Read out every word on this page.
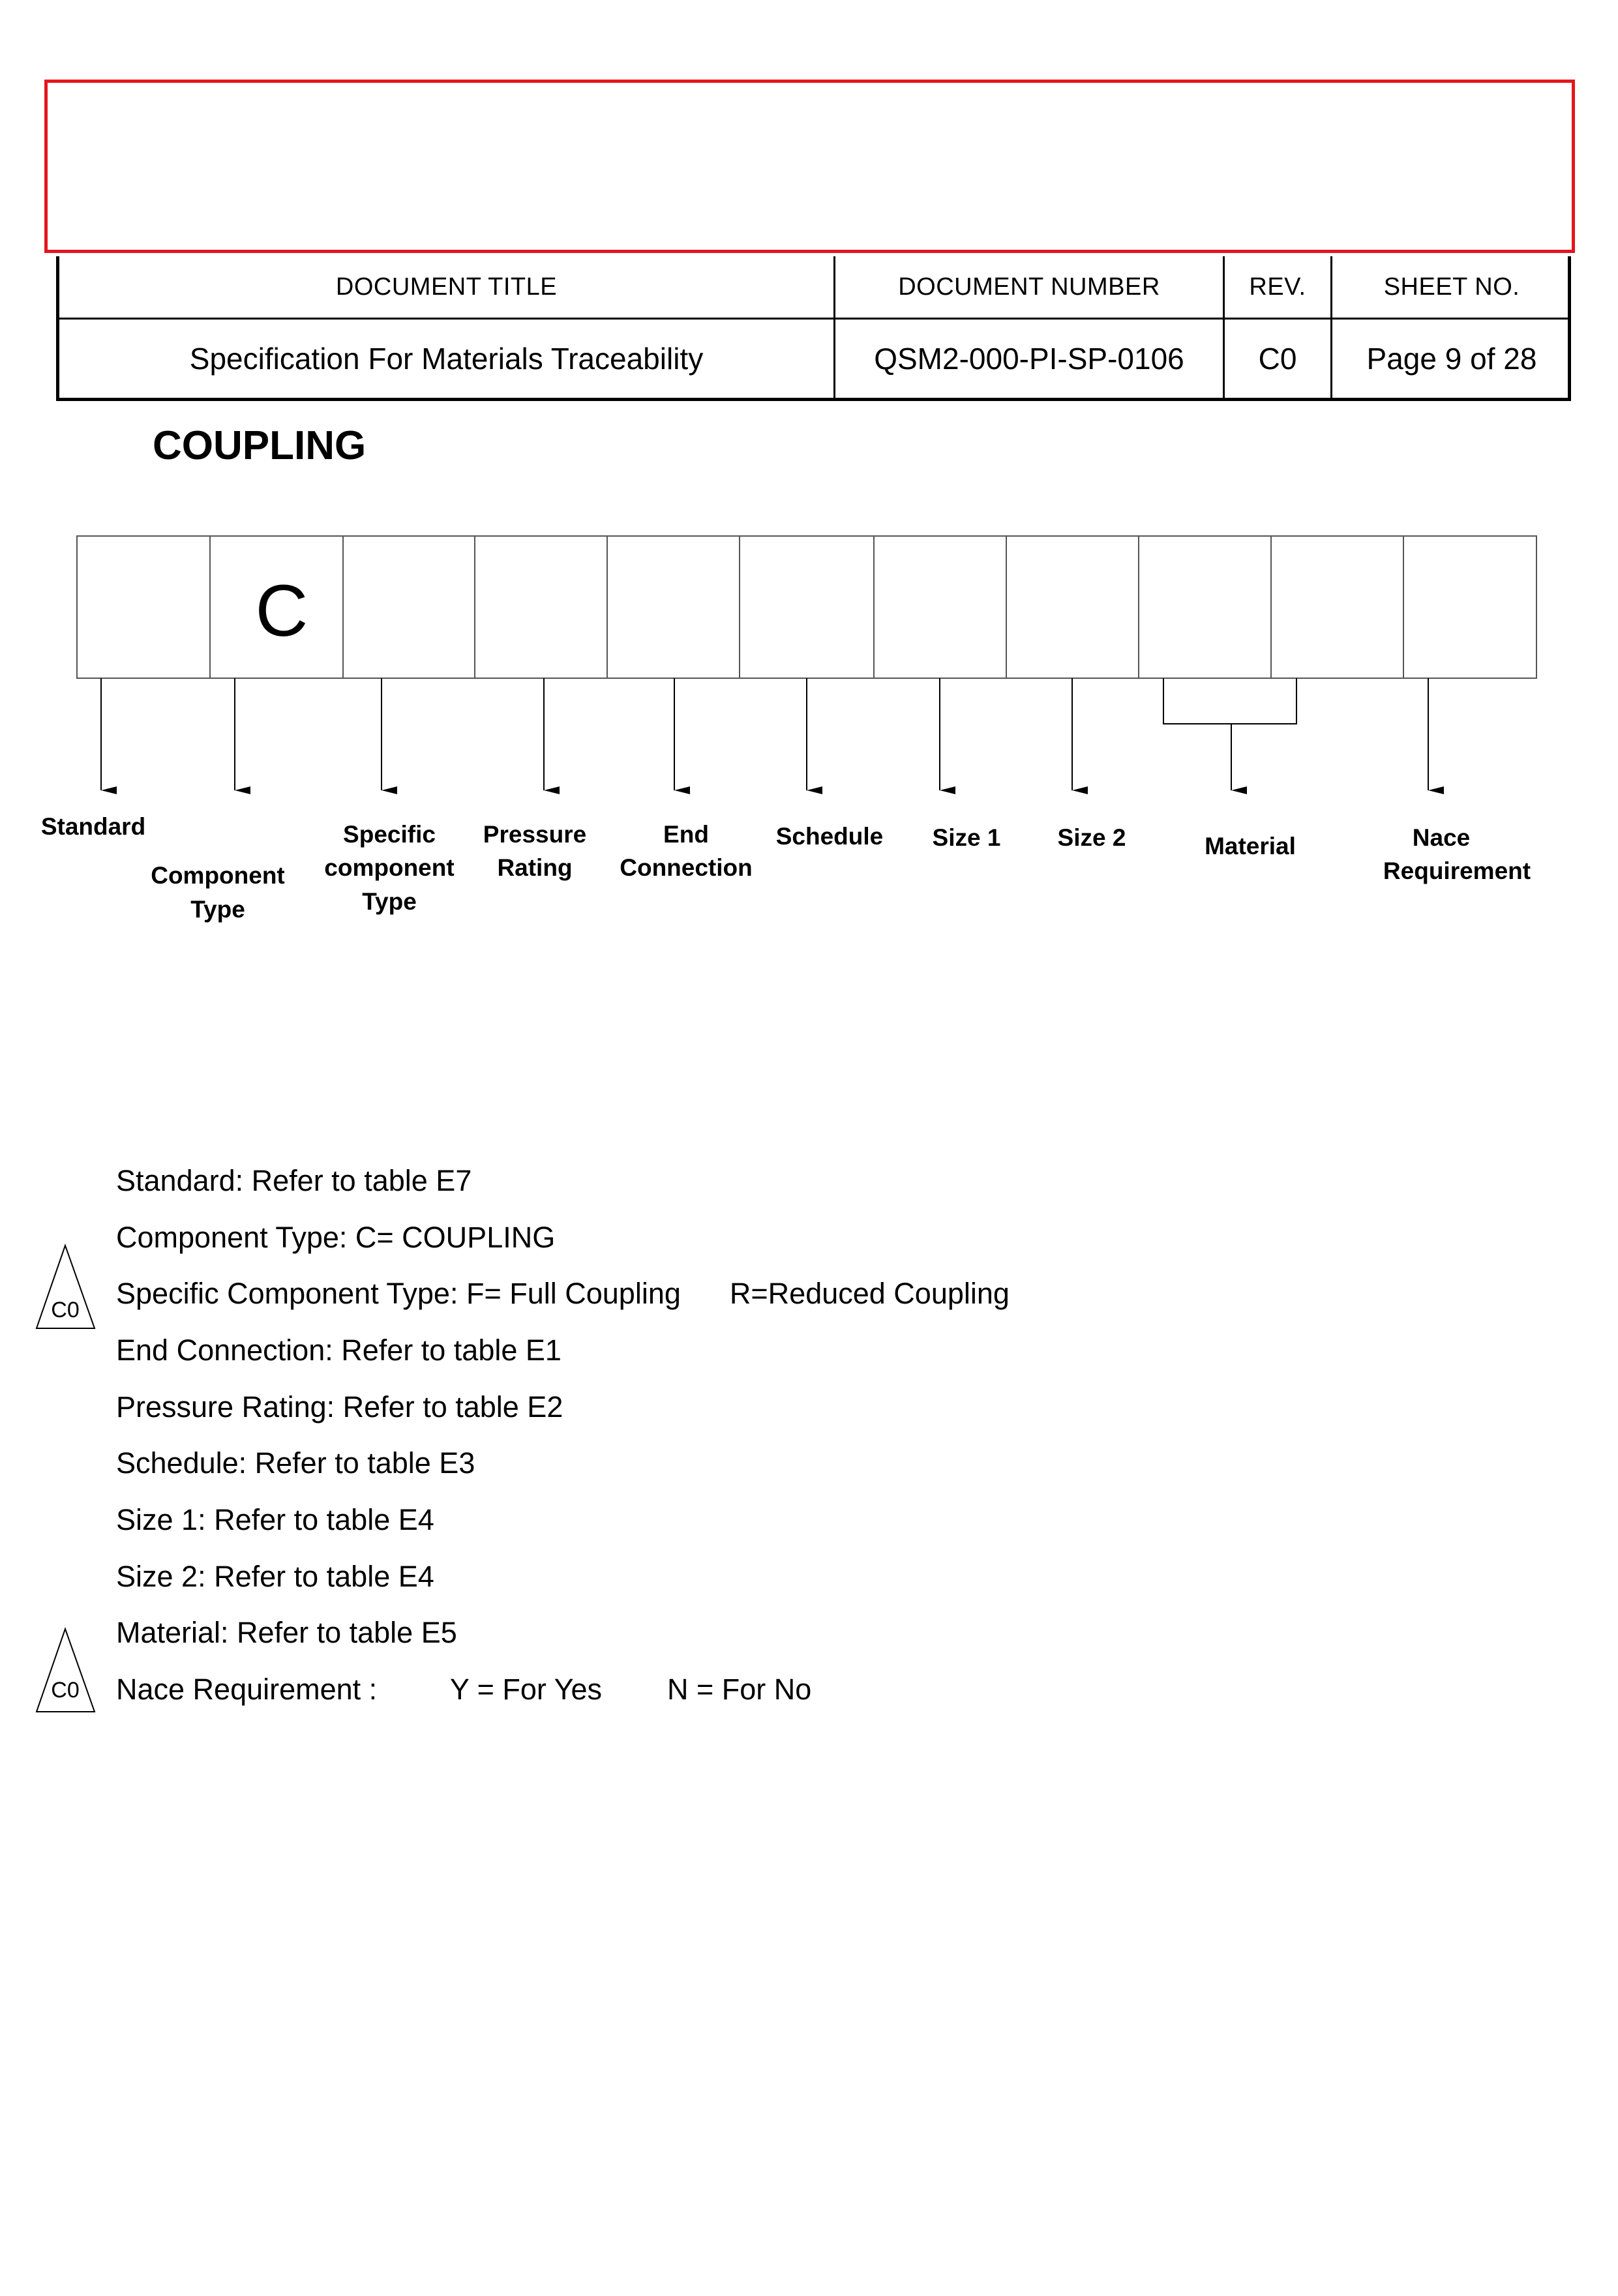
DOCUMENT TITLE	DOCUMENT NUMBER	REV.	SHEET NO.
Specification For Materials Traceability	QSM2-000-PI-SP-0106	C0	Page 9 of 28
COUPLING
C
Standard
Component
Type
Specific
component
Type
Pressure
Rating
End
Connection
Schedule Size 1 Size 2	Material	Nace
Requirement
C0
C0
Standard: Refer to table E7
Component Type: C= COUPLING
Specific Component Type: F= Full Coupling      R=Reduced Coupling
End Connection: Refer to table E1
Pressure Rating: Refer to table E2
Schedule: Refer to table E3
Size 1: Refer to table E4
Size 2: Refer to table E4
Material: Refer to table E5
Nace Requirement :         Y = For Yes        N = For No
